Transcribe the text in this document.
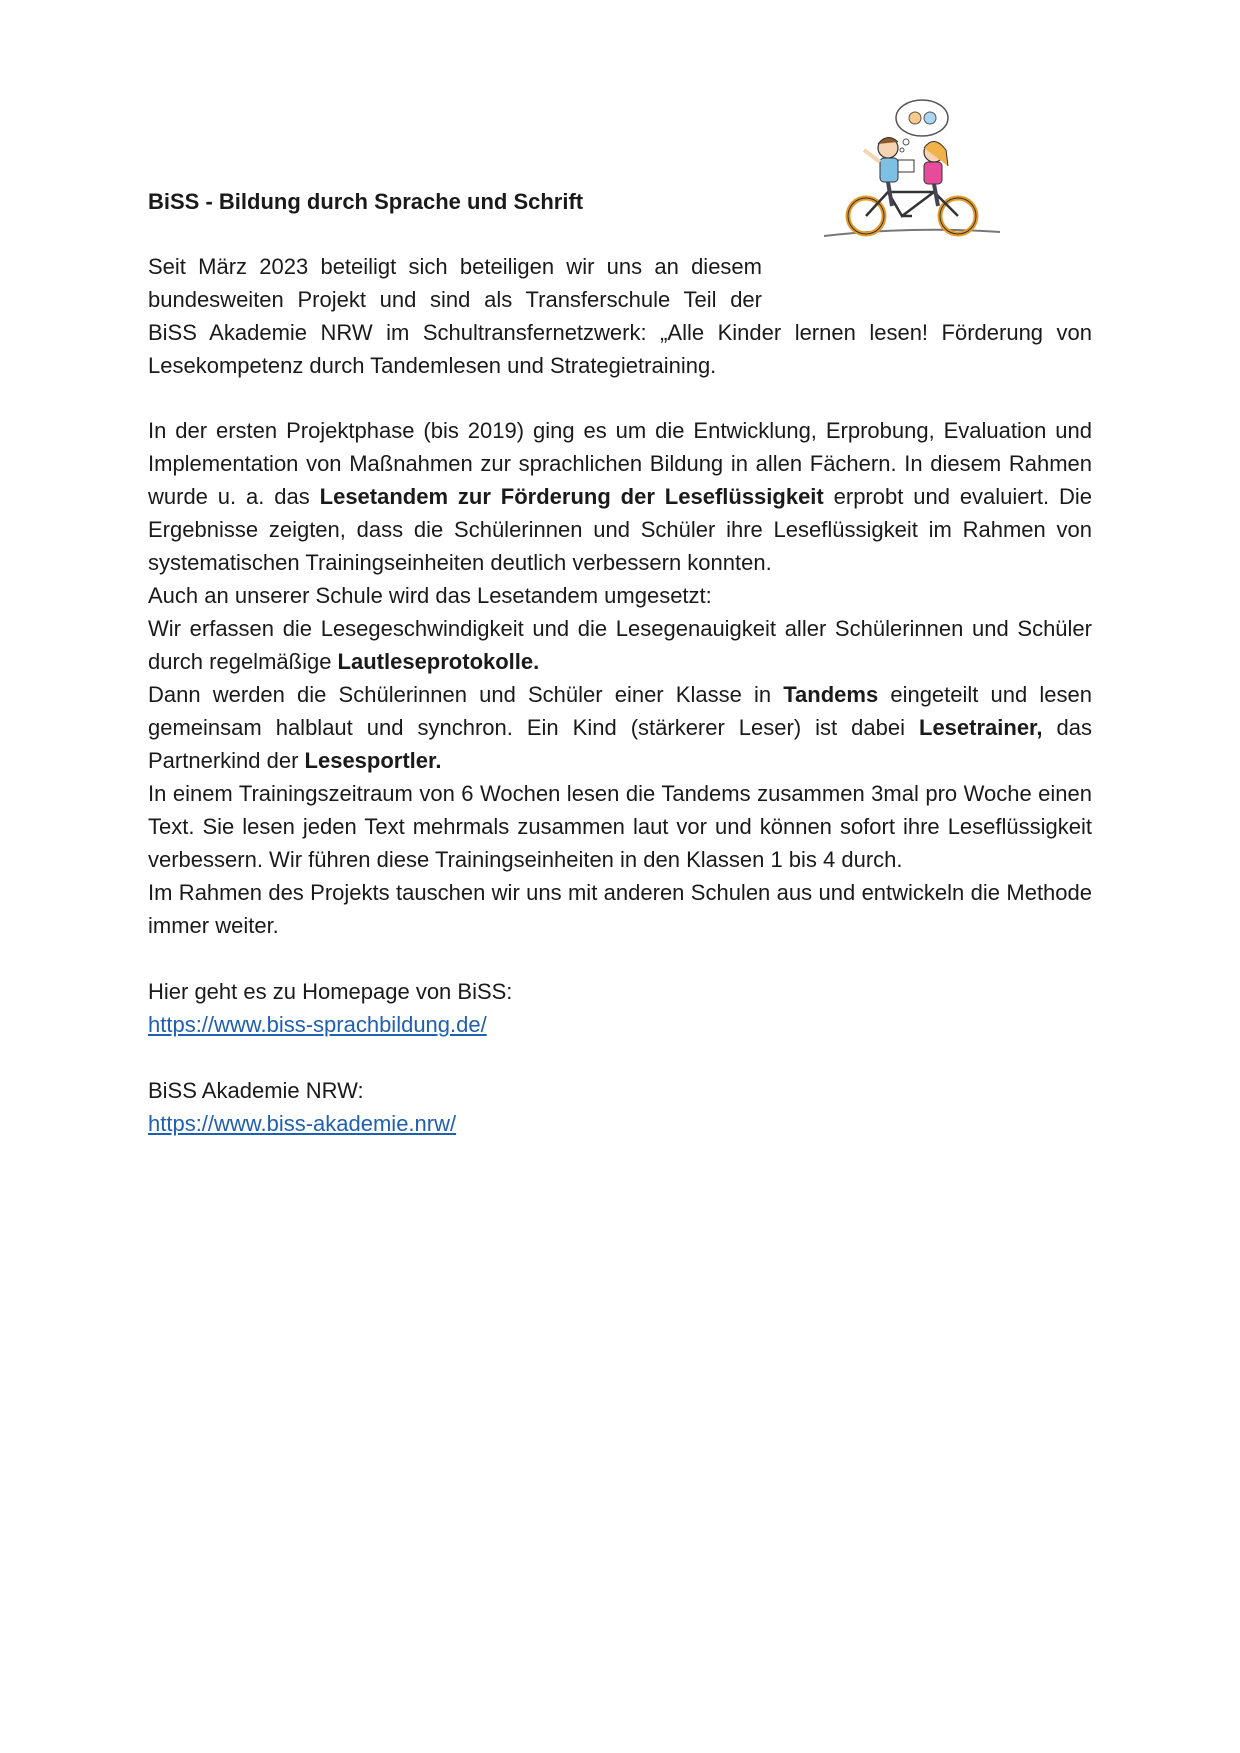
BiSS - Bildung durch Sprache und Schrift

Seit März 2023 beteiligt sich beteiligen wir uns an diesem

bundesweiten Projekt und sind als Transferschule Teil der

BiSS Akademie NRW im Schultransfernetzwerk: „Alle Kinder lernen lesen! Förderung von Lesekompetenz durch Tandemlesen und Strategietraining.

In der ersten Projektphase (bis 2019) ging es um die Entwicklung, Erprobung, Evaluation und Implementation von Maßnahmen zur sprachlichen Bildung in allen Fächern. In diesem Rahmen wurde u. a. das Lesetandem zur Förderung der Leseflüssigkeit erprobt und evaluiert. Die Ergebnisse zeigten, dass die Schülerinnen und Schüler ihre Leseflüssigkeit im Rahmen von systematischen Trainingseinheiten deutlich verbessern konnten.

Auch an unserer Schule wird das Lesetandem umgesetzt:

Wir erfassen die Lesegeschwindigkeit und die Lesegenauigkeit aller Schülerinnen und Schüler durch regelmäßige Lautleseprotokolle.

Dann werden die Schülerinnen und Schüler einer Klasse in Tandems eingeteilt und lesen gemeinsam halblaut und synchron. Ein Kind (stärkerer Leser) ist dabei Lesetrainer, das Partnerkind der Lesesportler.

In einem Trainingszeitraum von 6 Wochen lesen die Tandems zusammen 3mal pro Woche einen Text. Sie lesen jeden Text mehrmals zusammen laut vor und können sofort ihre Leseflüssigkeit verbessern. Wir führen diese Trainingseinheiten in den Klassen 1 bis 4 durch.

Im Rahmen des Projekts tauschen wir uns mit anderen Schulen aus und entwickeln die Methode immer weiter.

Hier geht es zu Homepage von BiSS:

https://www.biss-sprachbildung.de/

BiSS Akademie NRW:

https://www.biss-akademie.nrw/
